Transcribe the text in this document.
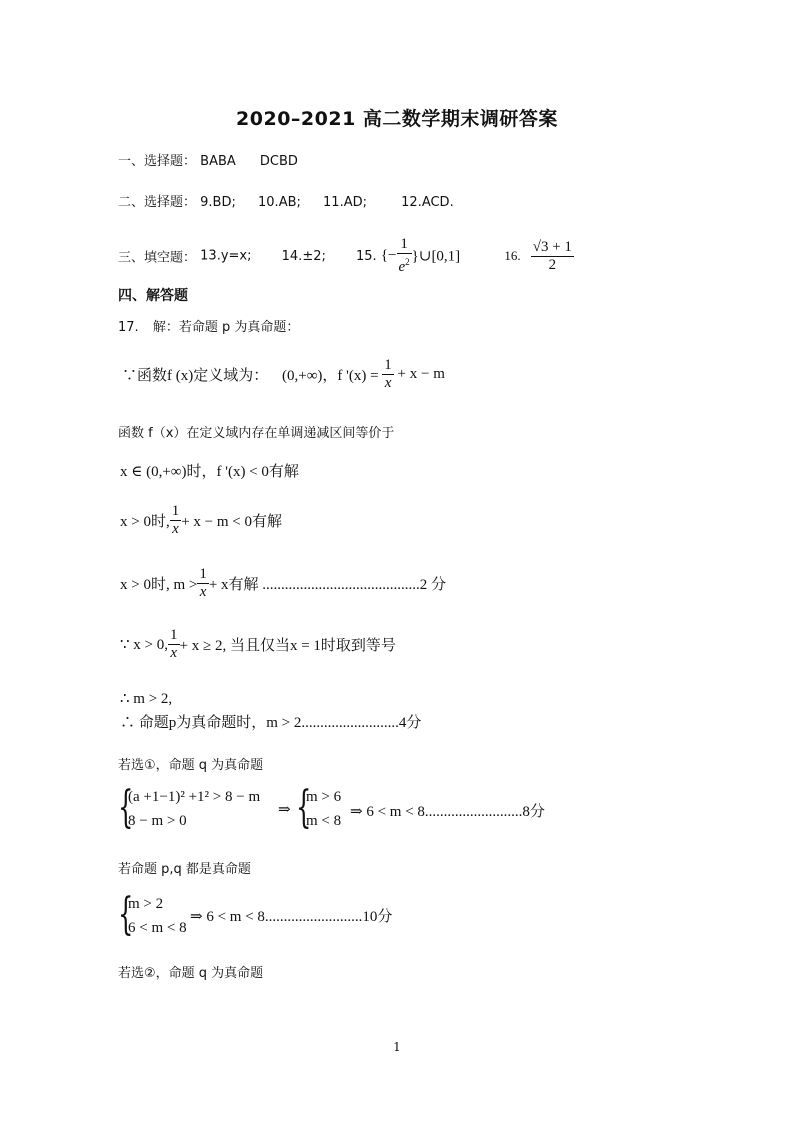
2020–2021 高二数学期末调研答案
一、选择题： BABA DCBD
二、选择题： 9.BD; 10.AB; 11.AD;	12.ACD.
三、填空题： 13.y=x; 14.±2; 15. {− $\frac{1}{e^2}$ }∪[0,1]	16. $\frac{√3 + 1}{2}$
四、解答题
17. 解：若命题 p 为真命题：
∵函数f (x)定义域为： (0,+∞)，f '$(x) = \frac{1}{x} + x - m$
函数 f（x）在定义域内存在单调递减区间等价于
x ∈ (0,+∞)时，f '(x) < 0有解
x > 0时, $\frac{1}{x} + x - m < 0$有解
x > 0时, $m > \frac{1}{x} + x$有解 ..........................................2 分
∵ x > 0, $\frac{1}{x} + x \ge 2$, 当且仅当x = 1时取到等号
∴ m > 2,
∴ 命题p为真命题时，m > 2..........................4分
若选①，命题 q 为真命题
{
(a +1−1)² +1² > 8 − m
8 − m > 0
⇒ {
m > 6
m < 8
⇒ 6 < m < 8..........................8分
若命题 p,q 都是真命题
{
m > 2
6 < m < 8
⇒ 6 < m < 8..........................10分
若选②，命题 q 为真命题
1
